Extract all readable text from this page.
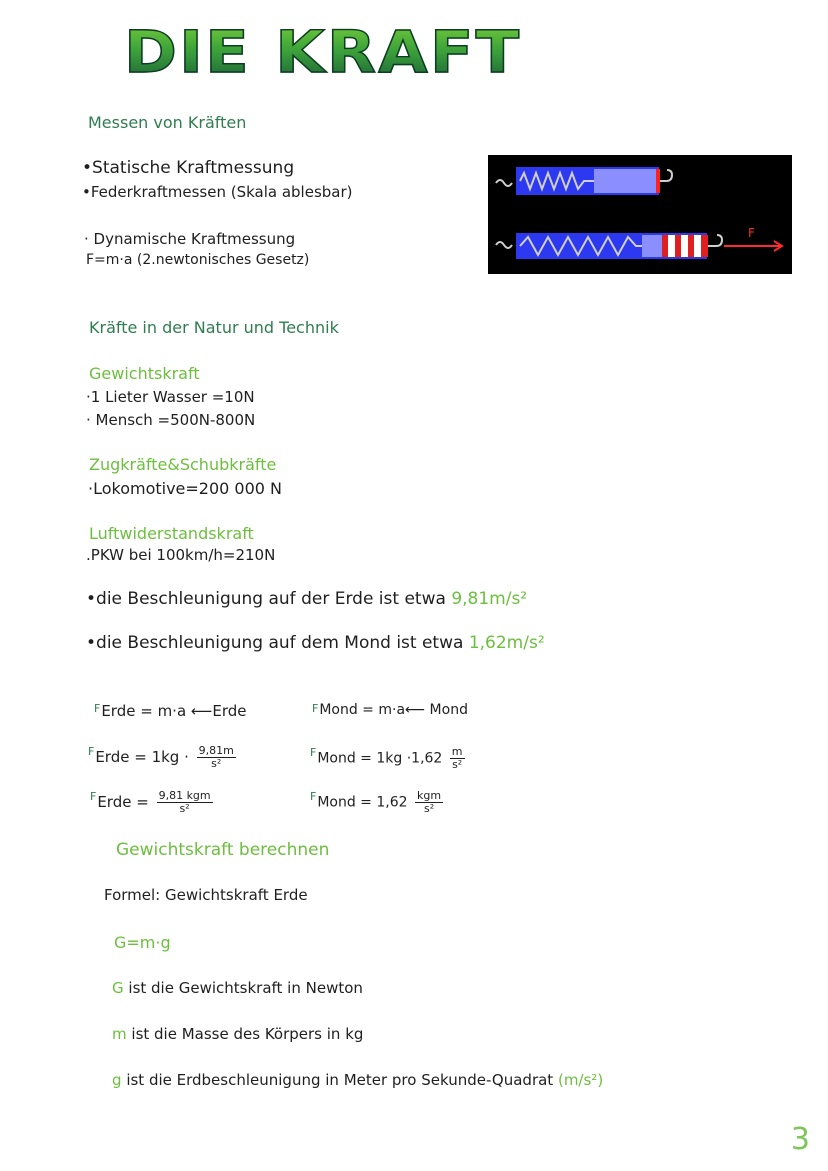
DIE KRAFT
Messen von Kräften
•Statische Kraftmessung
•Federkraftmessen (Skala ablesbar)
· Dynamische Kraftmessung
F=m·a (2.newtonisches Gesetz)
F
Kräfte in der Natur und Technik
Gewichtskraft
·1 Lieter Wasser =10N
· Mensch =500N-800N
Zugkräfte&Schubkräfte
·Lokomotive=200 000 N
Luftwiderstandskraft
.PKW bei 100km/h=210N
•die Beschleunigung auf der Erde ist etwa 9,81m/s²
•die Beschleunigung auf dem Mond ist etwa 1,62m/s²
$^F$Erde = m·a ⟵Erde
$^F$Erde = $1kg \cdot \frac{9,81m}{\text{s²}}$
$^F$Erde = $\frac{\text{9,81 kgm}}{\text{s²}}$
$^F$Mond = m·a⟵ Mond
$^F$Mond = $1kg \cdot 1,62 \frac{m}{\text{s²}}$
$^F$Mond = $1,62 \frac{\text{kgm}}{\text{s²}}$
Gewichtskraft berechnen
Formel: Gewichtskraft Erde
G=m·g
G ist die Gewichtskraft in Newton
m ist die Masse des Körpers in kg
g ist die Erdbeschleunigung in Meter pro Sekunde-Quadrat (m/s²)
3
